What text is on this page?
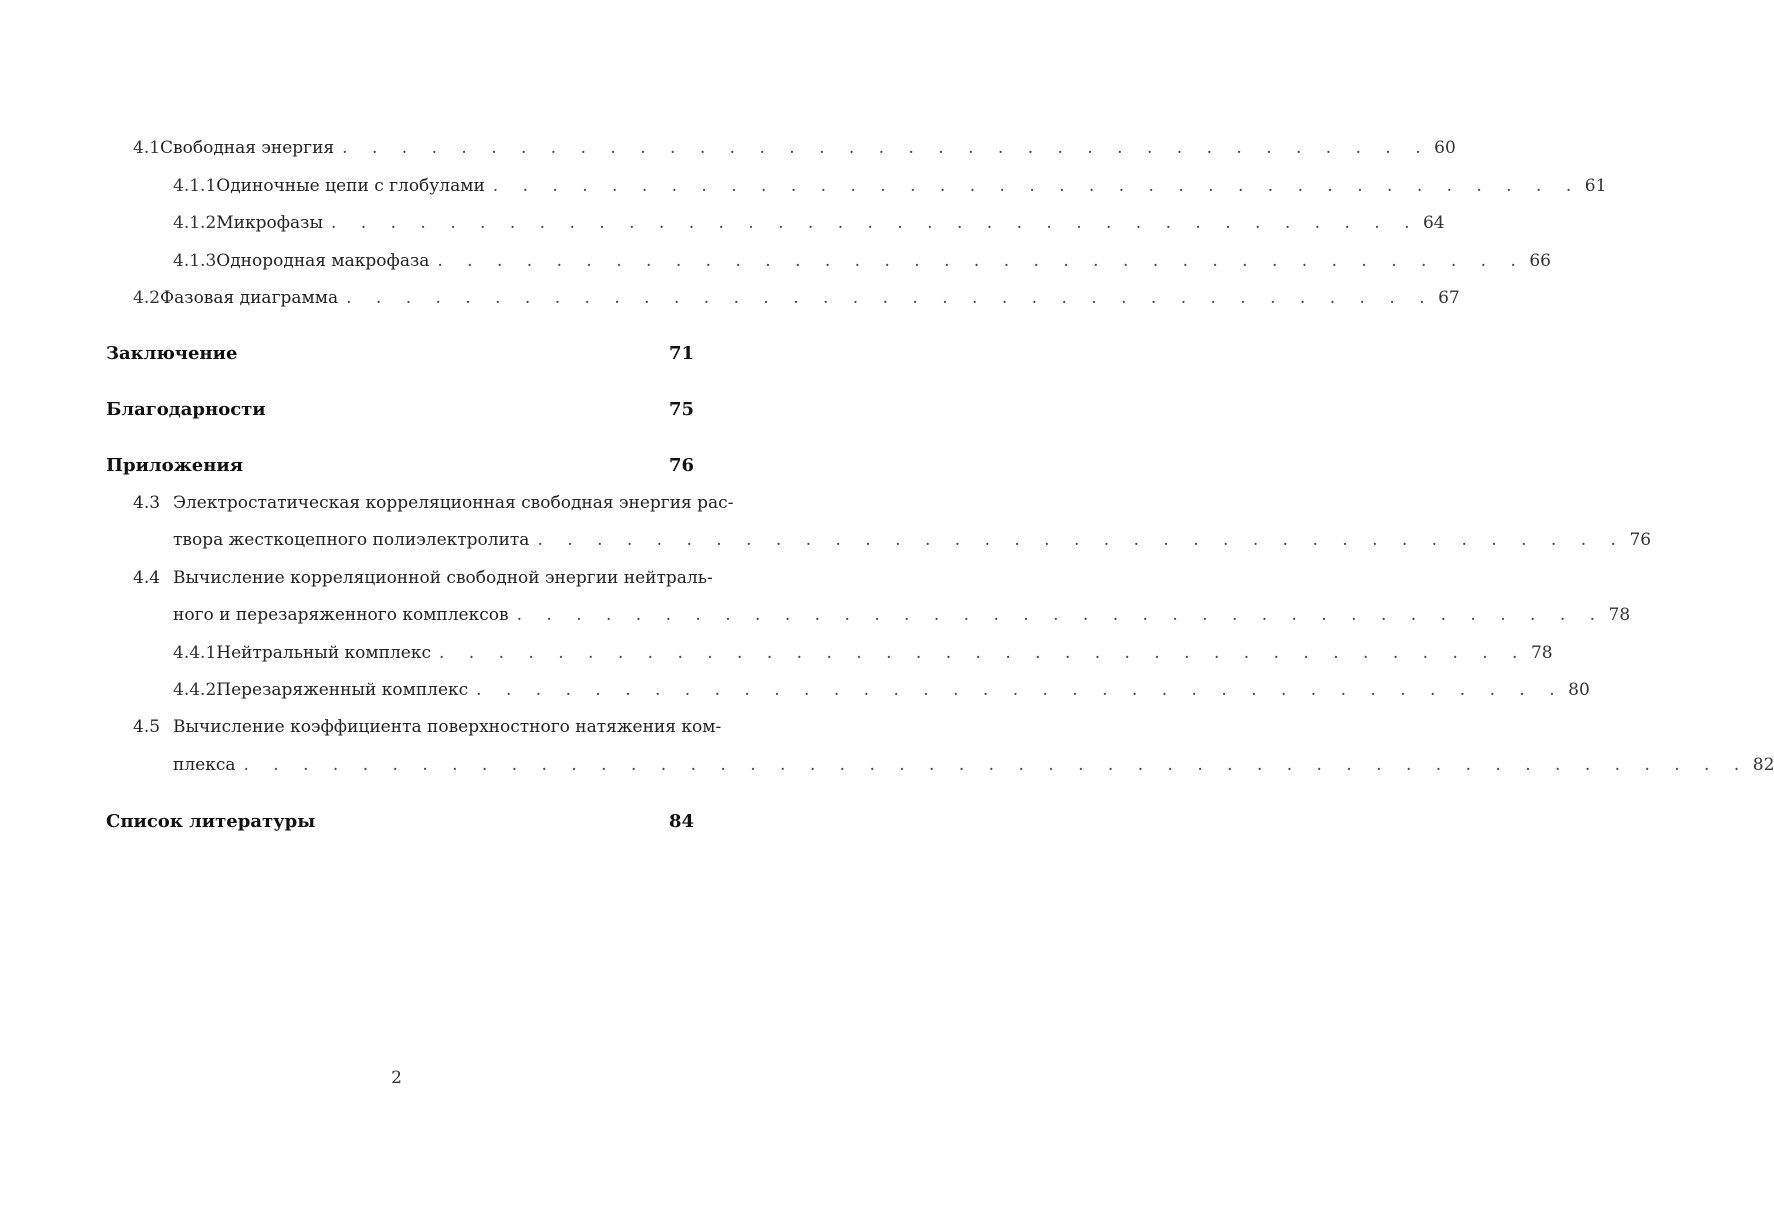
4.1 Свободная энергия . . . . . . . . . . . . . . . . . . . . . . . . . . . . . . . . . . . . . 60
4.1.1 Одиночные цепи с глобулами . . . . . . . . . . . . . . . . . . . . . . . . . . . . . . . . . . . . . 61
4.1.2 Микрофазы . . . . . . . . . . . . . . . . . . . . . . . . . . . . . . . . . . . . . 64
4.1.3 Однородная макрофаза . . . . . . . . . . . . . . . . . . . . . . . . . . . . . . . . . . . . . 66
4.2 Фазовая диаграмма . . . . . . . . . . . . . . . . . . . . . . . . . . . . . . . . . . . . . 67
Заключение	71
Благодарности	75
Приложения	76
4.3 Электростатическая корреляционная свободная энергия рас-
твора жесткоцепного полиэлектролита . . . . . . . . . . . . . . . . . . . . . . . . . . . . . . . . . . . . . 76
4.4 Вычисление корреляционной свободной энергии нейтраль-
ного и перезаряженного комплексов . . . . . . . . . . . . . . . . . . . . . . . . . . . . . . . . . . . . . 78
4.4.1 Нейтральный комплекс . . . . . . . . . . . . . . . . . . . . . . . . . . . . . . . . . . . . . 78
4.4.2 Перезаряженный комплекс . . . . . . . . . . . . . . . . . . . . . . . . . . . . . . . . . . . . . 80
4.5 Вычисление коэффициента поверхностного натяжения ком-
плекса . . . . . . . . . . . . . . . . . . . . . . . . . . . . . . . . . . . . . . . . . . . . . . . . . . . 82
Список литературы	84
2
